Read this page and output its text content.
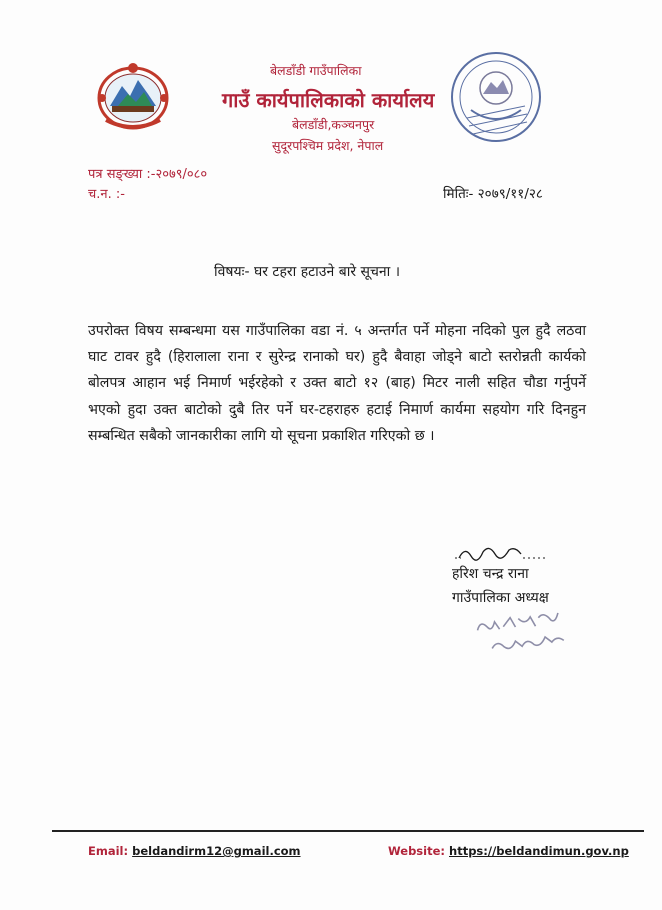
बेलडाँडी गाउँपालिका
गाउँ कार्यपालिकाको कार्यालय
बेलडाँडी,कञ्चनपुर
सुदूरपश्चिम प्रदेश, नेपाल
पत्र सङ्ख्या :-२०७९/०८०
च.न. :-	मितिः- २०७९/११/२८
विषयः- घर टहरा हटाउने बारे सूचना ।
उपरोक्त विषय सम्बन्धमा यस गाउँपालिका वडा नं. ५ अन्तर्गत पर्ने मोहना नदिको पुल हुदै लठवा घाट टावर हुदै (हिरालाला राना र सुरेन्द्र रानाको घर) हुदै बैवाहा जोड्ने बाटो स्तरोन्नती कार्यको बोलपत्र आहान भई निमार्ण भईरहेको र उक्त बाटो १२ (बाह) मिटर नाली सहित चौडा गर्नुपर्ने भएको हुदा उक्त बाटोको दुबै तिर पर्ने घर-टहराहरु हटाई निमार्ण कार्यमा सहयोग गरि दिनहुन सम्बन्धित सबैको जानकारीका लागि यो सूचना प्रकाशित गरिएको छ ।
हरिश चन्द्र राना
गाउँपालिका अध्यक्ष
Email: beldandirm12@gmail.com	Website: https://beldandimun.gov.np
